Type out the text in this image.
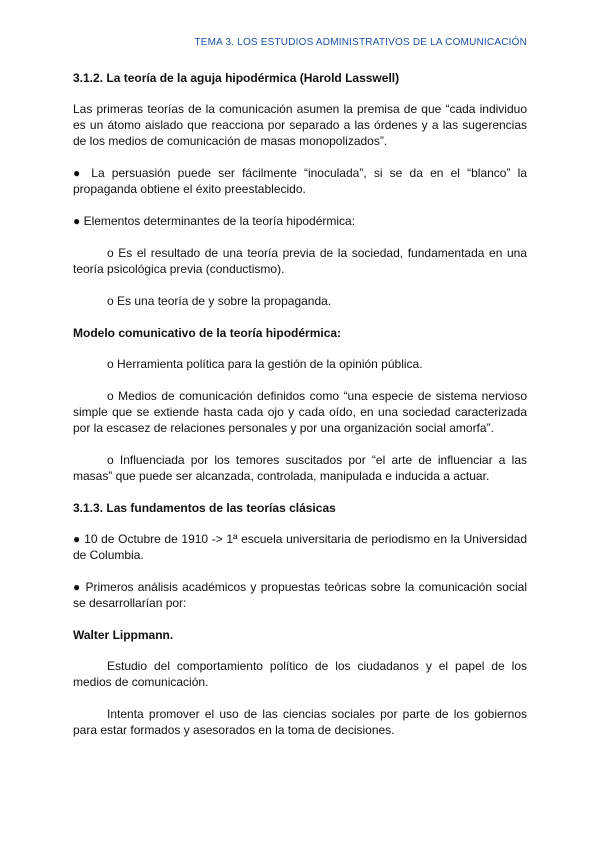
TEMA 3. LOS ESTUDIOS ADMINISTRATIVOS DE LA COMUNICACIÓN
3.1.2. La teoría de la aguja hipodérmica (Harold Lasswell)

Las primeras teorías de la comunicación asumen la premisa de que “cada individuo es un átomo aislado que reacciona por separado a las órdenes y a las sugerencias de los medios de comunicación de masas monopolizados”.

● La persuasión puede ser fácilmente “inoculada”, si se da en el “blanco” la propaganda obtiene el éxito preestablecido.

● Elementos determinantes de la teoría hipodérmica:

o Es el resultado de una teoría previa de la sociedad, fundamentada en una teoría psicológica previa (conductismo).

o Es una teoría de y sobre la propaganda.

Modelo comunicativo de la teoría hipodérmica:

o Herramienta política para la gestión de la opinión pública.

o Medios de comunicación definidos como “una especie de sistema nervioso simple que se extiende hasta cada ojo y cada oído, en una sociedad caracterizada por la escasez de relaciones personales y por una organización social amorfa”.

o Influenciada por los temores suscitados por “el arte de influenciar a las masas” que puede ser alcanzada, controlada, manipulada e inducida a actuar.

3.1.3. Las fundamentos de las teorías clásicas

● 10 de Octubre de 1910 -> 1ª escuela universitaria de periodismo en la Universidad de Columbia.

● Primeros análisis académicos y propuestas teóricas sobre la comunicación social se desarrollarían por:

Walter Lippmann.

Estudio del comportamiento político de los ciudadanos y el papel de los medios de comunicación.

Intenta promover el uso de las ciencias sociales por parte de los gobiernos para estar formados y asesorados en la toma de decisiones.
